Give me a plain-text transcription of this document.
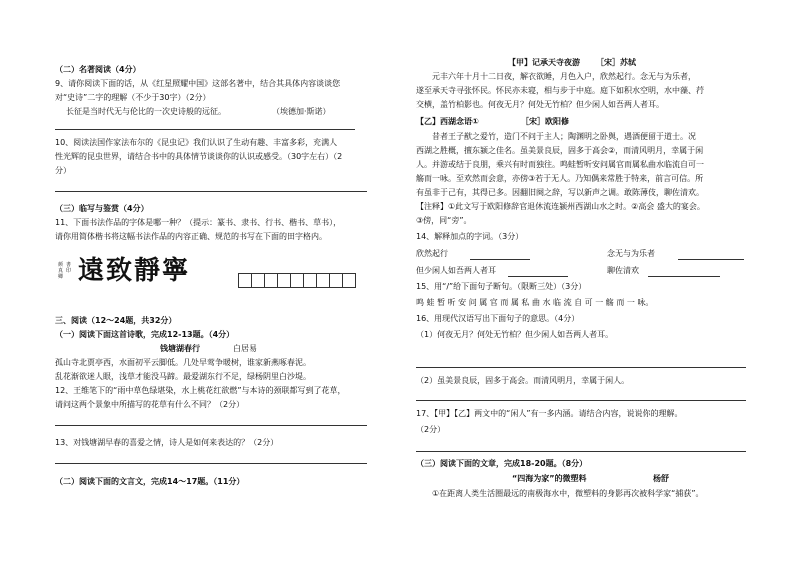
（二）名著阅读（4分）
9、请你阅读下面的话，从《红星照耀中国》这部名著中，结合其具体内容谈谈您
对“史诗”二字的理解（不少于30字）（2分）
长征是当时代无与伦比的一次史诗般的远征。	（埃德加·斯诺）
10、阅读法国作家法布尔的《昆虫记》我们认识了生动有趣、丰富多彩，充满人
性光辉的昆虫世界，请结合书中的具体情节谈谈你的认识或感受。（30字左右）（2
分）
（三）临写与鉴赏（4分）
11、下面书法作品的字体是哪一种？（提示：篆书、隶书、行书、楷书、草书），
请你用简体楷书将这幅书法作品的内容正确、规范的书写在下面的田字格内。
颜真卿
書​印 遠致靜寧
三、阅读（12～24题，共32分）
（一）阅读下面这首诗歌，完成12-13题。（4分）
钱塘湖春行	白居易
孤山寺北贾亭西，水面初平云脚低。几处早莺争暖树，谁家新燕啄春泥。
乱花渐欲迷人眼，浅草才能没马蹄。最爱湖东行不足，绿杨阴里白沙堤。
12、王维笔下的“雨中草色绿堪染，水上桃花红欲燃”与本诗的颈联都写到了花草，
请问这两个景象中所描写的花草有什么不同？（2分）
13、对钱塘湖早春的喜爱之情，诗人是如何来表达的？（2分）
（二）阅读下面的文言文，完成14～17题。（11分）
【甲】记承天寺夜游 ［宋］苏轼
元丰六年十月十二日夜，解衣欲睡，月色入户，欣然起行。念无与为乐者，
遂至承天寺寻张怀民。怀民亦未寝，相与步于中庭。庭下如积水空明，水中藻、荇
交横，盖竹柏影也。何夜无月？何处无竹柏？但少闲人如吾两人者耳。
【乙】西湖念语①	［宋］欧阳修
昔者王子猷之爱竹，造门不问于主人；陶渊明之卧舆，遇酒便留于道士。况
西湖之胜概，擅东颍之佳名。虽美景良辰，固多于高会②，而清风明月，幸属于闲
人。并游或结于良朋，乘兴有时而独往。鸣蛙暂听安问属官而属私曲水临流自可一
觞而一咏。至欢然而会意，亦傍③若于无人。乃知偶来常胜于特来，前言可信。所
有虽非于己有，其得已多。因翻旧阕之辞，写以新声之调。敢陈薄伎，聊佐清欢。
【注释】①此文写于欧阳修辞官退休流连颍州西湖山水之时。②高会 盛大的宴会。
③傍，同“旁”。
14、解释加点的字词。（3分）
欣然起行	念无与为乐者
但少闲人如吾两人者耳	聊佐清欢
15、用“/”给下面句子断句。（限断三处）（3分）
鸣 蛙 暂 听 安 问 属 官 而 属 私 曲 水 临 流 自 可 一 觞 而 一 咏。
16、用现代汉语写出下面句子的意思。（4分）
（1）何夜无月？何处无竹柏？但少闲人如吾两人者耳。
（2）虽美景良辰，固多于高会。而清风明月，幸属于闲人。
17、【甲】【乙】两文中的“闲人”有一多内涵。请结合内容，说说你的理解。
（2分）
（三）阅读下面的文章，完成18-20题。（8分）
“四海为家”的微塑料	杨舒
①在距离人类生活圈最远的南极海水中，微塑料的身影再次被科学家“捕获”。
